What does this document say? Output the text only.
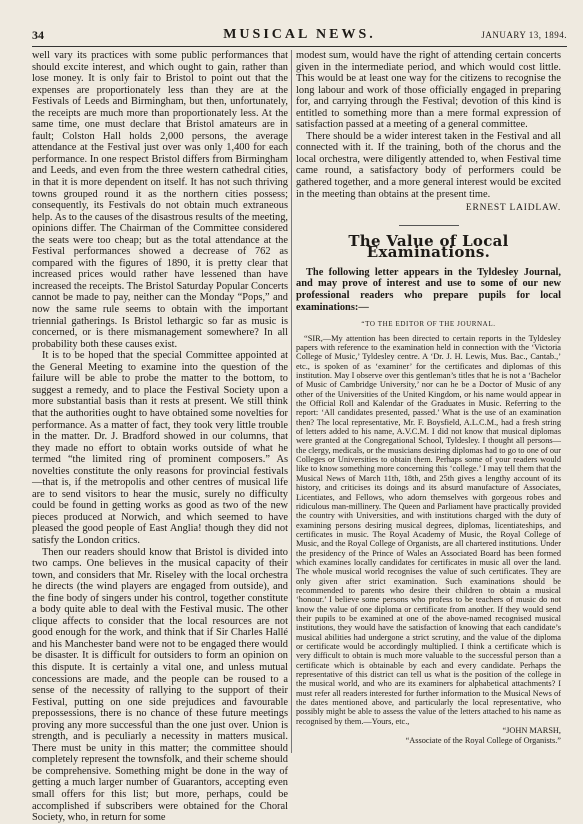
34	MUSICAL NEWS.	JANUARY 13, 1894.

well vary its practices with some public performances that should excite interest, and which ought to gain, rather than lose money. It is only fair to Bristol to point out that the expenses are proportionately less than they are at the Festivals of Leeds and Birmingham, but then, unfortunately, the receipts are much more than proportionately less. At the same time, one must declare that Bristol amateurs are in fault; Colston Hall holds 2,000 persons, the average attendance at the Festival just over was only 1,400 for each performance. In one respect Bristol differs from Birmingham and Leeds, and even from the three western cathedral cities, in that it is more dependent on itself. It has not such thriving towns grouped round it as the northern cities possess; consequently, its Festivals do not obtain much extraneous help. As to the causes of the disastrous results of the meeting, opinions differ. The Chairman of the Committee considered the seats were too cheap; but as the total attendance at the Festival performances showed a decrease of 762 as compared with the figures of 1890, it is pretty clear that increased prices would rather have lessened than have increased the receipts. The Bristol Saturday Popular Concerts cannot be made to pay, neither can the Monday “Pops,” and now the same rule seems to obtain with the important triennial gatherings. Is Bristol lethargic so far as music is concerned, or is there mismanagement somewhere? In all probability both these causes exist.

It is to be hoped that the special Committee appointed at the General Meeting to examine into the question of the failure will be able to probe the matter to the bottom, to suggest a remedy, and to place the Festival Society upon a more substantial basis than it rests at present. We still think that the authorities ought to have obtained some novelties for performance. As a matter of fact, they took very little trouble in the matter. Dr. J. Bradford showed in our columns, that they made no effort to obtain works outside of what he termed “the limited ring of prominent composers.” As novelties constitute the only reasons for provincial festivals—that is, if the metropolis and other centres of musical life are to send visitors to hear the music, surely no difficulty could be found in getting works as good as two of the new pieces produced at Norwich, and which seemed to have pleased the good people of East Anglia! though they did not satisfy the London critics.

Then our readers should know that Bristol is divided into two camps. One believes in the musical capacity of their town, and considers that Mr. Riseley with the local orchestra he directs (the wind players are engaged from outside), and the fine body of singers under his control, together constitute a body quite able to deal with the Festival music. The other clique affects to consider that the local resources are not good enough for the work, and think that if Sir Charles Hallé and his Manchester band were not to be engaged there would be disaster. It is difficult for outsiders to form an opinion on this dispute. It is certainly a vital one, and unless mutual concessions are made, and the people can be roused to a sense of the necessity of rallying to the support of their Festival, putting on one side prejudices and favourable prepossessions, there is no chance of these future meetings proving any more successful than the one just over. Union is strength, and is peculiarly a necessity in matters musical. There must be unity in this matter; the committee should completely represent the townsfolk, and their scheme should be comprehensive. Something might be done in the way of getting a much larger number of Guarantors, accepting even small offers for this list; but more, perhaps, could be accomplished if subscribers were obtained for the Choral Society, who, in return for some

modest sum, would have the right of attending certain concerts given in the intermediate period, and which would cost little. This would be at least one way for the citizens to recognise the long labour and work of those officially engaged in preparing for, and carrying through the Festival; devotion of this kind is entitled to something more than a mere formal expression of satisfaction passed at a meeting of a general committee.

There should be a wider interest taken in the Festival and all connected with it. If the training, both of the chorus and the local orchestra, were diligently attended to, when Festival time came round, a satisfactory body of performers could be gathered together, and a more general interest would be excited in the meeting than obtains at the present time.

ERNEST LAIDLAW.
The Value of Local Examinations.

The following letter appears in the Tyldesley Journal, and may prove of interest and use to some of our new professional readers who prepare pupils for local examinations:—

“TO THE EDITOR OF THE JOURNAL.

“SIR,—My attention has been directed to certain reports in the Tyldesley papers with reference to the examination held in connection with the ‘Victoria College of Music,’ Tyldesley centre. A ‘Dr. J. H. Lewis, Mus. Bac., Cantab.,’ etc., is spoken of as ‘examiner’ for the certificates and diplomas of this institution. May I observe over this gentleman’s titles that he is not a ‘Bachelor of Music of Cambridge University,’ nor can he be a Doctor of Music of any other of the Universities of the United Kingdom, or his name would appear in the Official Roll and Kalendar of the Graduates in Music. Referring to the report: ‘All candidates presented, passed.’ What is the use of an examination then? The local representative, Mr. F. Boysfield, A.L.C.M., had a fresh string of letters added to his name, A.V.C.M. I did not know that musical diplomas were granted at the Congregational School, Tyldesley. I thought all persons—the clergy, medicals, or the musicians desiring diplomas had to go to one of our Colleges or Universities to obtain them. Perhaps some of your readers would like to know something more concerning this ‘college.’ I may tell them that the Musical News of March 11th, 18th, and 25th gives a lengthy account of its history, and criticises its doings and its absurd manufacture of Associates, Licentiates, and Fellows, who adorn themselves with gorgeous robes and ridiculous man-millinery. The Queen and Parliament have practically provided the country with Universities, and with institutions charged with the duty of examining persons desiring musical degrees, diplomas, licentiateships, and certificates in music. The Royal Academy of Music, the Royal College of Music, and the Royal College of Organists, are all chartered institutions. Under the presidency of the Prince of Wales an Associated Board has been formed which examines locally candidates for certificates in music all over the land. The whole musical world recognises the value of such certificates. They are only given after strict examination. Such examinations should be recommended to parents who desire their children to obtain a musical ‘honour.’ I believe some persons who profess to be teachers of music do not know the value of one diploma or certificate from another. If they would send their pupils to be examined at one of the above-named recognised musical institutions, they would have the satisfaction of knowing that each candidate’s musical abilities had undergone a strict scrutiny, and the value of the diploma or certificate would be accordingly multiplied. I think a certificate which is very difficult to obtain is much more valuable to the successful person than a certificate which is obtainable by each and every candidate. Perhaps the representative of this district can tell us what is the position of the college in the musical world, and who are its examiners for alphabetical attachments? I must refer all readers interested for further information to the Musical News of the dates mentioned above, and particularly the local representative, who possibly might be able to assess the value of the letters attached to his name as recognised by them.—Yours, etc.,

“JOHN MARSH,
“Associate of the Royal College of Organists.”
